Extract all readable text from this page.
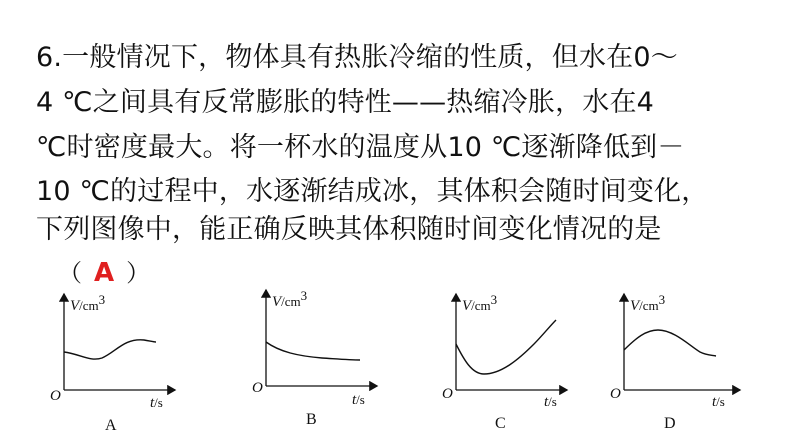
6.一般情况下，物体具有热胀冷缩的性质，但水在0～
4 ℃之间具有反常膨胀的特性——热缩冷胀，水在4
℃时密度最大。将一杯水的温度从10 ℃逐渐降低到－
10 ℃的过程中，水逐渐结成冰，其体积会随时间变化，
下列图像中，能正确反映其体积随时间变化情况的是
（ A ）
$V/cm^3$
O	t/s
A
$V/cm^3$
O
t/s
B
$V/cm^3$
O	t/s
C
$V/cm^3$
O	t/s
D
